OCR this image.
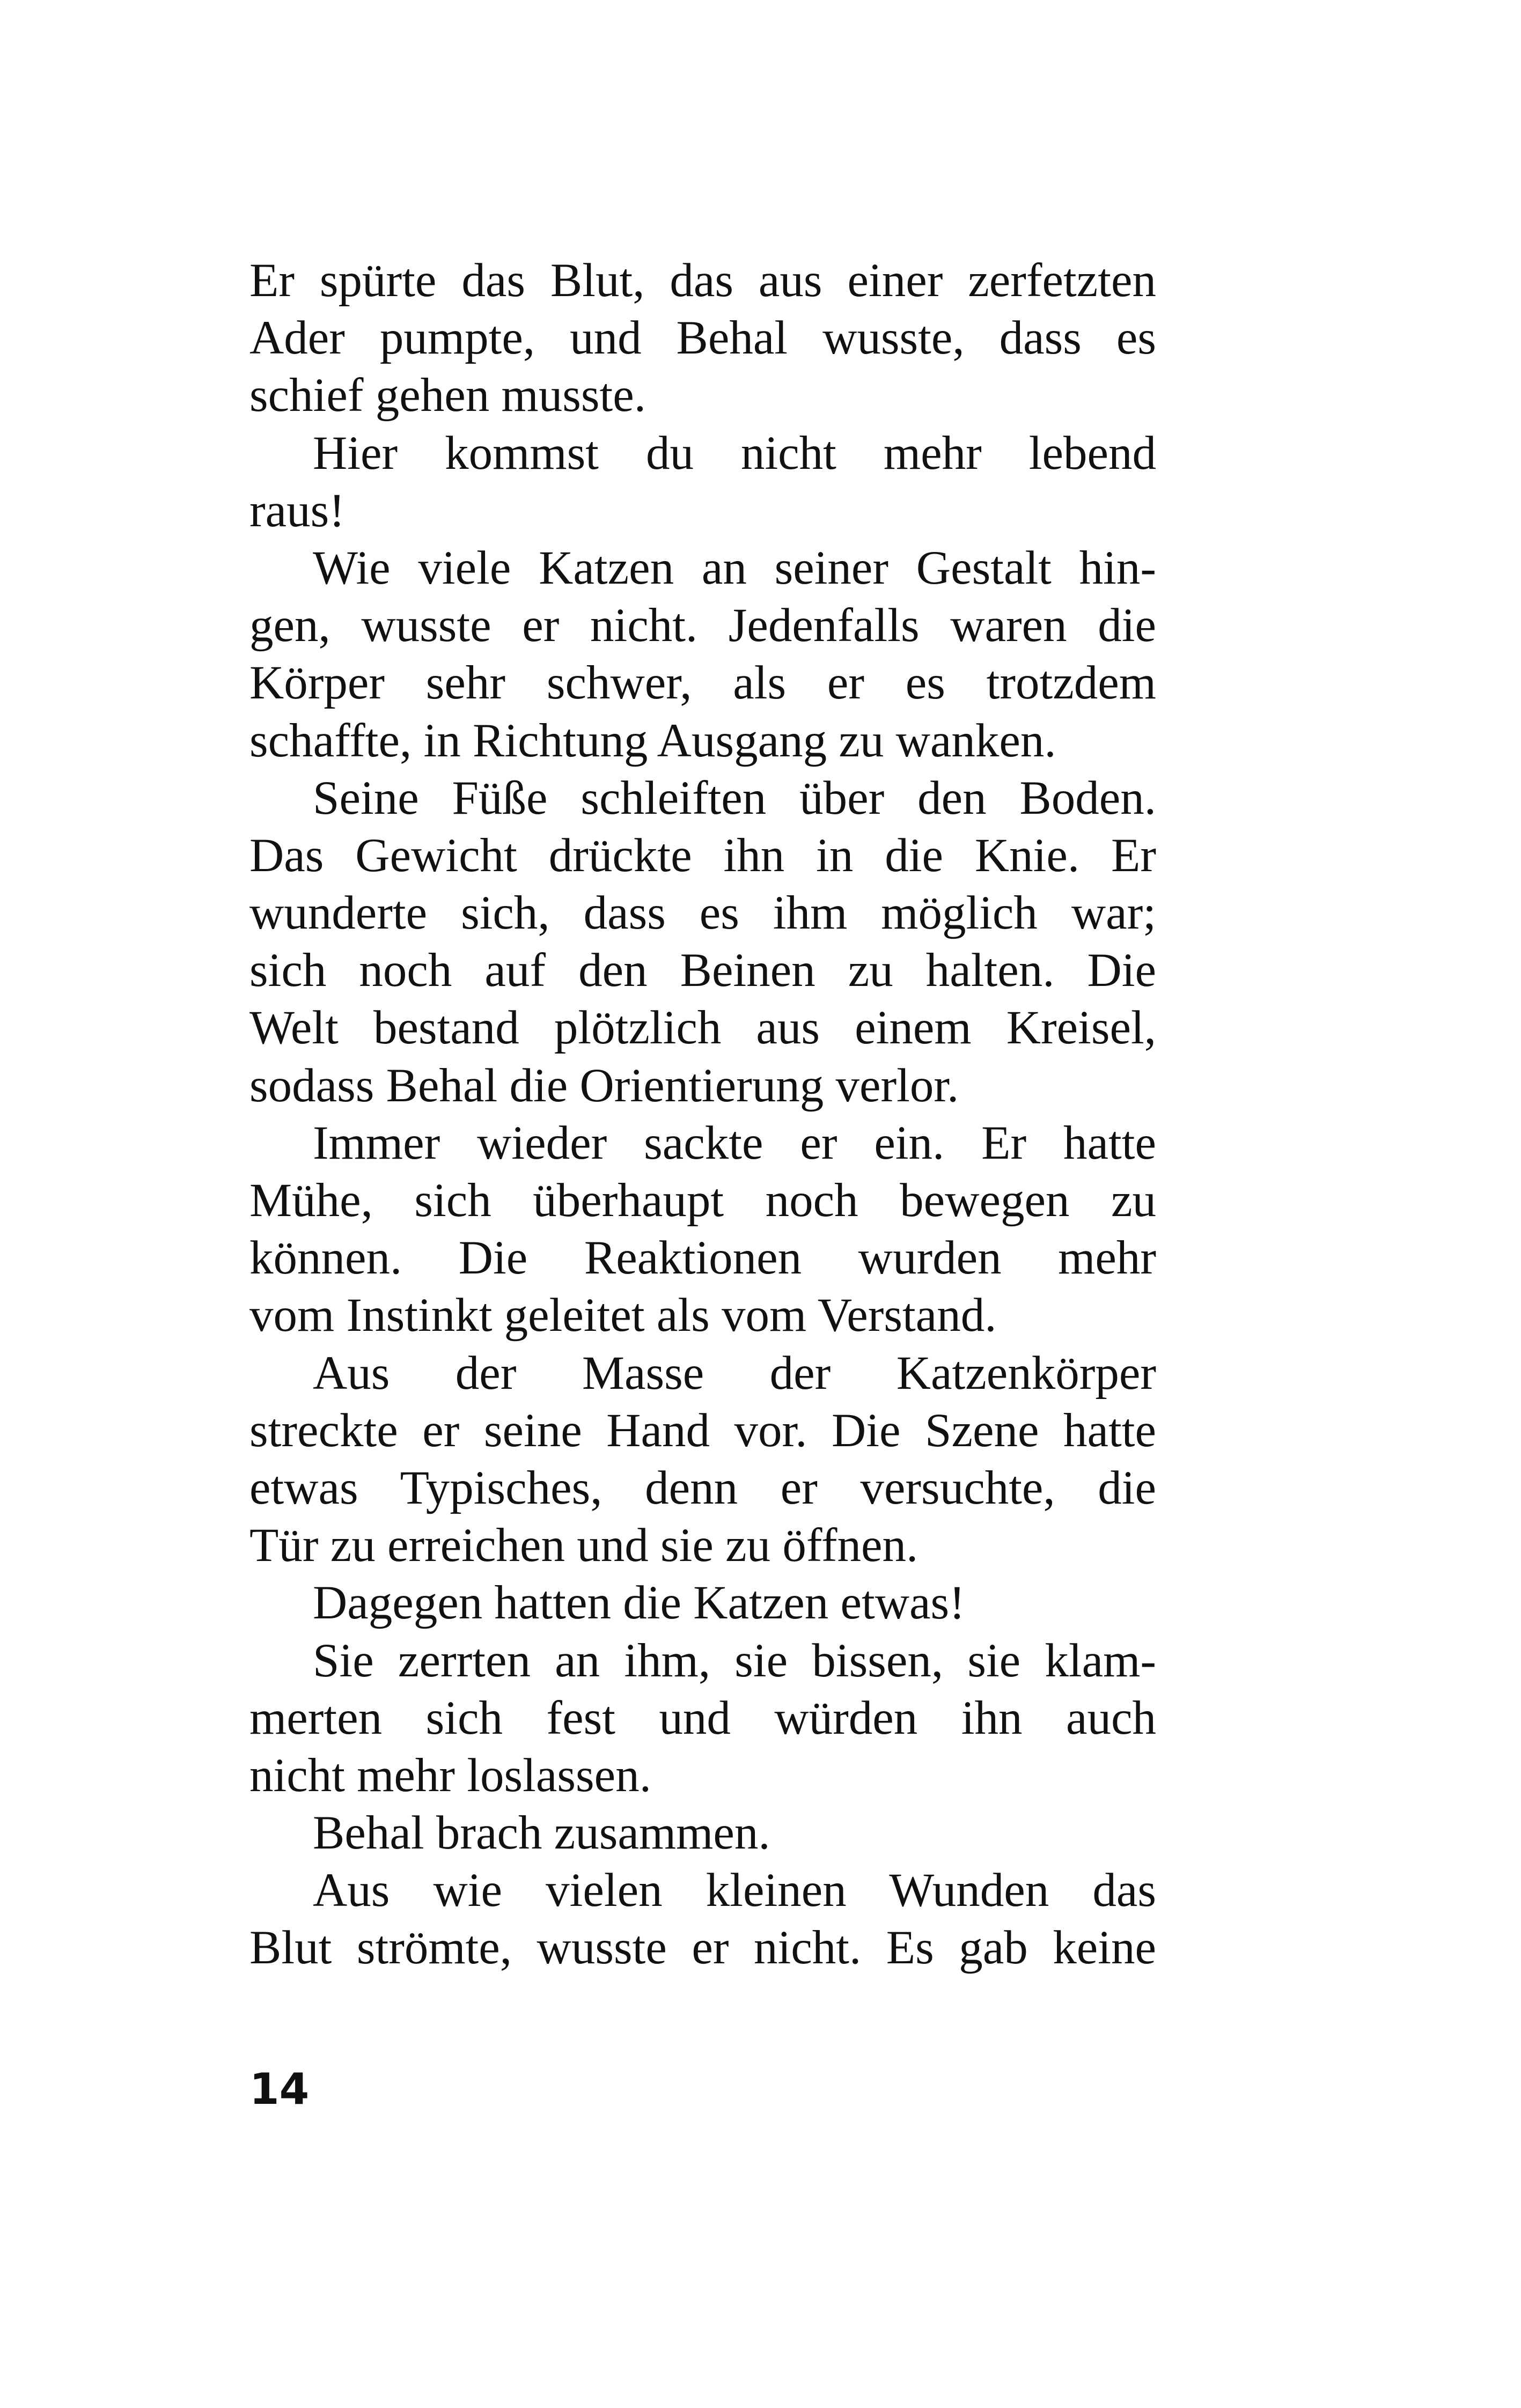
Er spürte das Blut, das aus einer zerfetzten
Ader pumpte, und Behal wusste, dass es
schief gehen musste.
Hier kommst du nicht mehr lebend
raus!
Wie viele Katzen an seiner Gestalt hin-
gen, wusste er nicht. Jedenfalls waren die
Körper sehr schwer, als er es trotzdem
schaffte, in Richtung Ausgang zu wanken.
Seine Füße schleiften über den Boden.
Das Gewicht drückte ihn in die Knie. Er
wunderte sich, dass es ihm möglich war;
sich noch auf den Beinen zu halten. Die
Welt bestand plötzlich aus einem Kreisel,
sodass Behal die Orientierung verlor.
Immer wieder sackte er ein. Er hatte
Mühe, sich überhaupt noch bewegen zu
können. Die Reaktionen wurden mehr
vom Instinkt geleitet als vom Verstand.
Aus der Masse der Katzenkörper
streckte er seine Hand vor. Die Szene hatte
etwas Typisches, denn er versuchte, die
Tür zu erreichen und sie zu öffnen.
Dagegen hatten die Katzen etwas!
Sie zerrten an ihm, sie bissen, sie klam-
merten sich fest und würden ihn auch
nicht mehr loslassen.
Behal brach zusammen.
Aus wie vielen kleinen Wunden das
Blut strömte, wusste er nicht. Es gab keine
14
